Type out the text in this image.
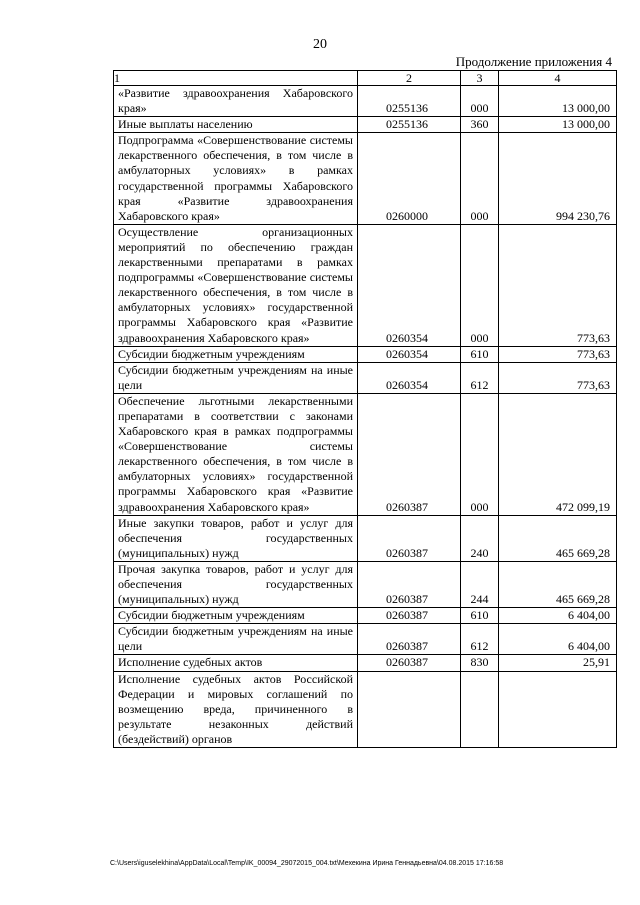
20
Продолжение приложения 4
1	2	3	4
«Развитие здравоохранения Хабаровского края»	0255136	000	13 000,00
Иные выплаты населению	0255136	360	13 000,00
Подпрограмма «Совершенствование системы лекарственного обеспечения, в том числе в амбулаторных условиях» в рамках государственной программы Хабаровского края «Развитие здравоохранения Хабаровского края»	0260000	000	994 230,76
Осуществление организационных мероприятий по обеспечению граждан лекарственными препаратами в рамках подпрограммы «Совершенствование системы лекарственного обеспечения, в том числе в амбулаторных условиях» государственной программы Хабаровского края «Развитие здравоохранения Хабаровского края»	0260354	000	773,63
Субсидии бюджетным учреждениям	0260354	610	773,63
Субсидии бюджетным учреждениям на иные цели	0260354	612	773,63
Обеспечение льготными лекарственными препаратами в соответствии с законами Хабаровского края в рамках подпрограммы «Совершенствование системы лекарственного обеспечения, в том числе в амбулаторных условиях» государственной программы Хабаровского края «Развитие здравоохранения Хабаровского края»	0260387	000	472 099,19
Иные закупки товаров, работ и услуг для обеспечения государственных (муниципальных) нужд	0260387	240	465 669,28
Прочая закупка товаров, работ и услуг для обеспечения государственных (муниципальных) нужд	0260387	244	465 669,28
Субсидии бюджетным учреждениям	0260387	610	6 404,00
Субсидии бюджетным учреждениям на иные цели	0260387	612	6 404,00
Исполнение судебных актов	0260387	830	25,91
Исполнение судебных актов Российской Федерации и мировых соглашений по возмещению вреда, причиненного в результате незаконных действий (бездействий) органов			
C:\Users\iguselekhina\AppData\Local\Temp\IK_00094_29072015_004.txt\Мехекина Ирина Геннадьевна\04.08.2015 17:16:58
